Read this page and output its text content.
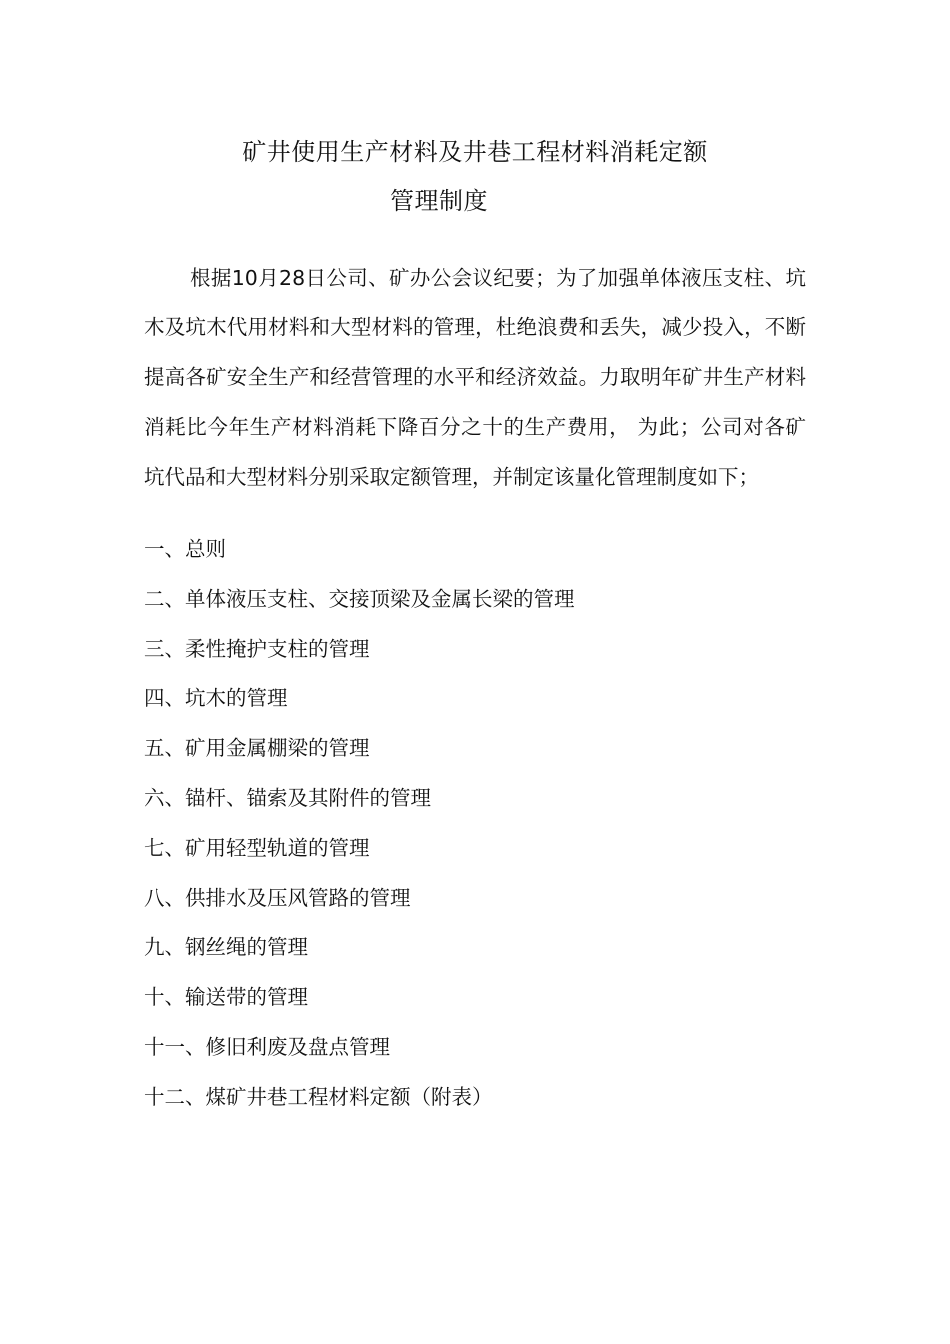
矿井使用生产材料及井巷工程材料消耗定额
管理制度

根据10月28日公司、矿办公会议纪要；为了加强单体液压支柱、坑木及坑木代用材料和大型材料的管理，杜绝浪费和丢失，减少投入，不断提高各矿安全生产和经营管理的水平和经济效益。力取明年矿井生产材料消耗比今年生产材料消耗下降百分之十的生产费用， 为此；公司对各矿坑代品和大型材料分别采取定额管理，并制定该量化管理制度如下；

一、总则
二、单体液压支柱、交接顶梁及金属长梁的管理
三、柔性掩护支柱的管理
四、坑木的管理
五、矿用金属棚梁的管理
六、锚杆、锚索及其附件的管理
七、矿用轻型轨道的管理
八、供排水及压风管路的管理
九、钢丝绳的管理
十、输送带的管理
十一、修旧利废及盘点管理
十二、煤矿井巷工程材料定额（附表）
